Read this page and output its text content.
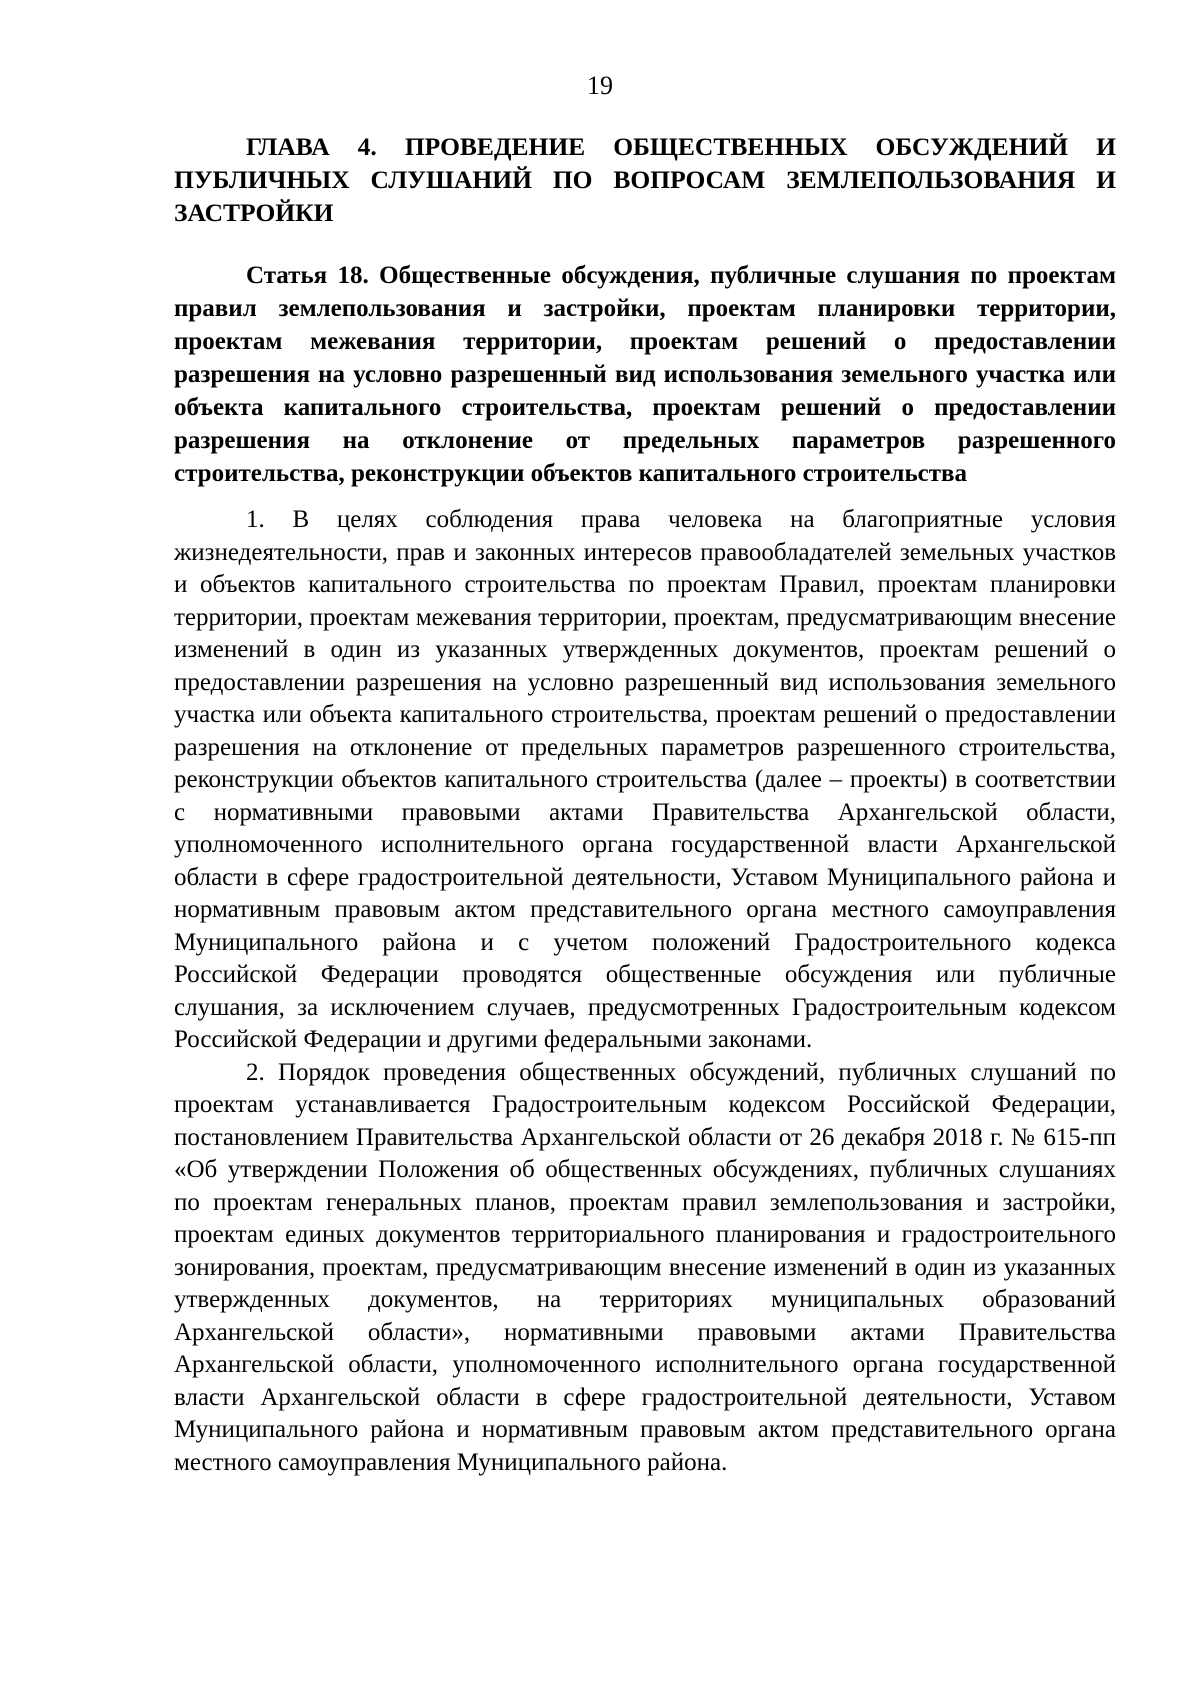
19
ГЛАВА 4. ПРОВЕДЕНИЕ ОБЩЕСТВЕННЫХ ОБСУЖДЕНИЙ И ПУБЛИЧНЫХ СЛУШАНИЙ ПО ВОПРОСАМ ЗЕМЛЕПОЛЬЗОВАНИЯ И ЗАСТРОЙКИ
Статья 18. Общественные обсуждения, публичные слушания по проектам правил землепользования и застройки, проектам планировки территории, проектам межевания территории, проектам решений о предоставлении разрешения на условно разрешенный вид использования земельного участка или объекта капитального строительства, проектам решений о предоставлении разрешения на отклонение от предельных параметров разрешенного строительства, реконструкции объектов капитального строительства

1. В целях соблюдения права человека на благоприятные условия жизнедеятельности, прав и законных интересов правообладателей земельных участков и объектов капитального строительства по проектам Правил, проектам планировки территории, проектам межевания территории, проектам, предусматривающим внесение изменений в один из указанных утвержденных документов, проектам решений о предоставлении разрешения на условно разрешенный вид использования земельного участка или объекта капитального строительства, проектам решений о предоставлении разрешения на отклонение от предельных параметров разрешенного строительства, реконструкции объектов капитального строительства (далее – проекты) в соответствии с нормативными правовыми актами Правительства Архангельской области, уполномоченного исполнительного органа государственной власти Архангельской области в сфере градостроительной деятельности, Уставом Муниципального района и нормативным правовым актом представительного органа местного самоуправления Муниципального района и с учетом положений Градостроительного кодекса Российской Федерации проводятся общественные обсуждения или публичные слушания, за исключением случаев, предусмотренных Градостроительным кодексом Российской Федерации и другими федеральными законами.

2. Порядок проведения общественных обсуждений, публичных слушаний по проектам устанавливается Градостроительным кодексом Российской Федерации, постановлением Правительства Архангельской области от 26 декабря 2018 г. № 615-пп «Об утверждении Положения об общественных обсуждениях, публичных слушаниях по проектам генеральных планов, проектам правил землепользования и застройки, проектам единых документов территориального планирования и градостроительного зонирования, проектам, предусматривающим внесение изменений в один из указанных утвержденных документов, на территориях муниципальных образований Архангельской области», нормативными правовыми актами Правительства Архангельской области, уполномоченного исполнительного органа государственной власти Архангельской области в сфере градостроительной деятельности, Уставом Муниципального района и нормативным правовым актом представительного органа местного самоуправления Муниципального района.
